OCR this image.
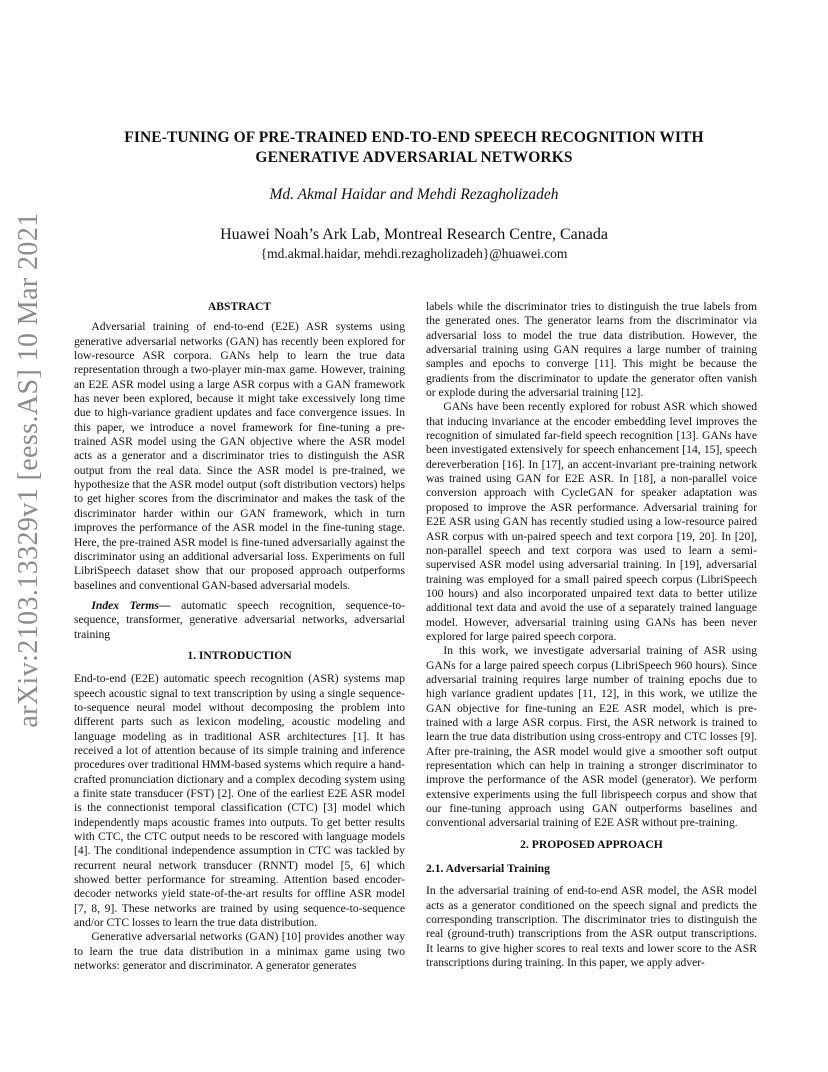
arXiv:2103.13329v1 [eess.AS] 10 Mar 2021
FINE-TUNING OF PRE-TRAINED END-TO-END SPEECH RECOGNITION WITH GENERATIVE ADVERSARIAL NETWORKS
Md. Akmal Haidar and Mehdi Rezagholizadeh
Huawei Noah’s Ark Lab, Montreal Research Centre, Canada
{md.akmal.haidar, mehdi.rezagholizadeh}@huawei.com
ABSTRACT

Adversarial training of end-to-end (E2E) ASR systems using generative adversarial networks (GAN) has recently been explored for low-resource ASR corpora. GANs help to learn the true data representation through a two-player min-max game. However, training an E2E ASR model using a large ASR corpus with a GAN framework has never been explored, because it might take excessively long time due to high-variance gradient updates and face convergence issues. In this paper, we introduce a novel framework for fine-tuning a pre-trained ASR model using the GAN objective where the ASR model acts as a generator and a discriminator tries to distinguish the ASR output from the real data. Since the ASR model is pre-trained, we hypothesize that the ASR model output (soft distribution vectors) helps to get higher scores from the discriminator and makes the task of the discriminator harder within our GAN framework, which in turn improves the performance of the ASR model in the fine-tuning stage. Here, the pre-trained ASR model is fine-tuned adversarially against the discriminator using an additional adversarial loss. Experiments on full LibriSpeech dataset show that our proposed approach outperforms baselines and conventional GAN-based adversarial models.

Index Terms— automatic speech recognition, sequence-to-sequence, transformer, generative adversarial networks, adversarial training

1. INTRODUCTION

End-to-end (E2E) automatic speech recognition (ASR) systems map speech acoustic signal to text transcription by using a single sequence-to-sequence neural model without decomposing the problem into different parts such as lexicon modeling, acoustic modeling and language modeling as in traditional ASR architectures [1]. It has received a lot of attention because of its simple training and inference procedures over traditional HMM-based systems which require a hand-crafted pronunciation dictionary and a complex decoding system using a finite state transducer (FST) [2]. One of the earliest E2E ASR model is the connectionist temporal classification (CTC) [3] model which independently maps acoustic frames into outputs. To get better results with CTC, the CTC output needs to be rescored with language models [4]. The conditional independence assumption in CTC was tackled by recurrent neural network transducer (RNNT) model [5, 6] which showed better performance for streaming. Attention based encoder-decoder networks yield state-of-the-art results for offline ASR model [7, 8, 9]. These networks are trained by using sequence-to-sequence and/or CTC losses to learn the true data distribution.

Generative adversarial networks (GAN) [10] provides another way to learn the true data distribution in a minimax game using two networks: generator and discriminator. A generator generates

labels while the discriminator tries to distinguish the true labels from the generated ones. The generator learns from the discriminator via adversarial loss to model the true data distribution. However, the adversarial training using GAN requires a large number of training samples and epochs to converge [11]. This might be because the gradients from the discriminator to update the generator often vanish or explode during the adversarial training [12].

GANs have been recently explored for robust ASR which showed that inducing invariance at the encoder embedding level improves the recognition of simulated far-field speech recognition [13]. GANs have been investigated extensively for speech enhancement [14, 15], speech dereverberation [16]. In [17], an accent-invariant pre-training network was trained using GAN for E2E ASR. In [18], a non-parallel voice conversion approach with CycleGAN for speaker adaptation was proposed to improve the ASR performance. Adversarial training for E2E ASR using GAN has recently studied using a low-resource paired ASR corpus with un-paired speech and text corpora [19, 20]. In [20], non-parallel speech and text corpora was used to learn a semi-supervised ASR model using adversarial training. In [19], adversarial training was employed for a small paired speech corpus (LibriSpeech 100 hours) and also incorporated unpaired text data to better utilize additional text data and avoid the use of a separately trained language model. However, adversarial training using GANs has been never explored for large paired speech corpora.

In this work, we investigate adversarial training of ASR using GANs for a large paired speech corpus (LibriSpeech 960 hours). Since adversarial training requires large number of training epochs due to high variance gradient updates [11, 12], in this work, we utilize the GAN objective for fine-tuning an E2E ASR model, which is pre-trained with a large ASR corpus. First, the ASR network is trained to learn the true data distribution using cross-entropy and CTC losses [9]. After pre-training, the ASR model would give a smoother soft output representation which can help in training a stronger discriminator to improve the performance of the ASR model (generator). We perform extensive experiments using the full librispeech corpus and show that our fine-tuning approach using GAN outperforms baselines and conventional adversarial training of E2E ASR without pre-training.

2. PROPOSED APPROACH
2.1. Adversarial Training

In the adversarial training of end-to-end ASR model, the ASR model acts as a generator conditioned on the speech signal and predicts the corresponding transcription. The discriminator tries to distinguish the real (ground-truth) transcriptions from the ASR output transcriptions. It learns to give higher scores to real texts and lower score to the ASR transcriptions during training. In this paper, we apply adver-
